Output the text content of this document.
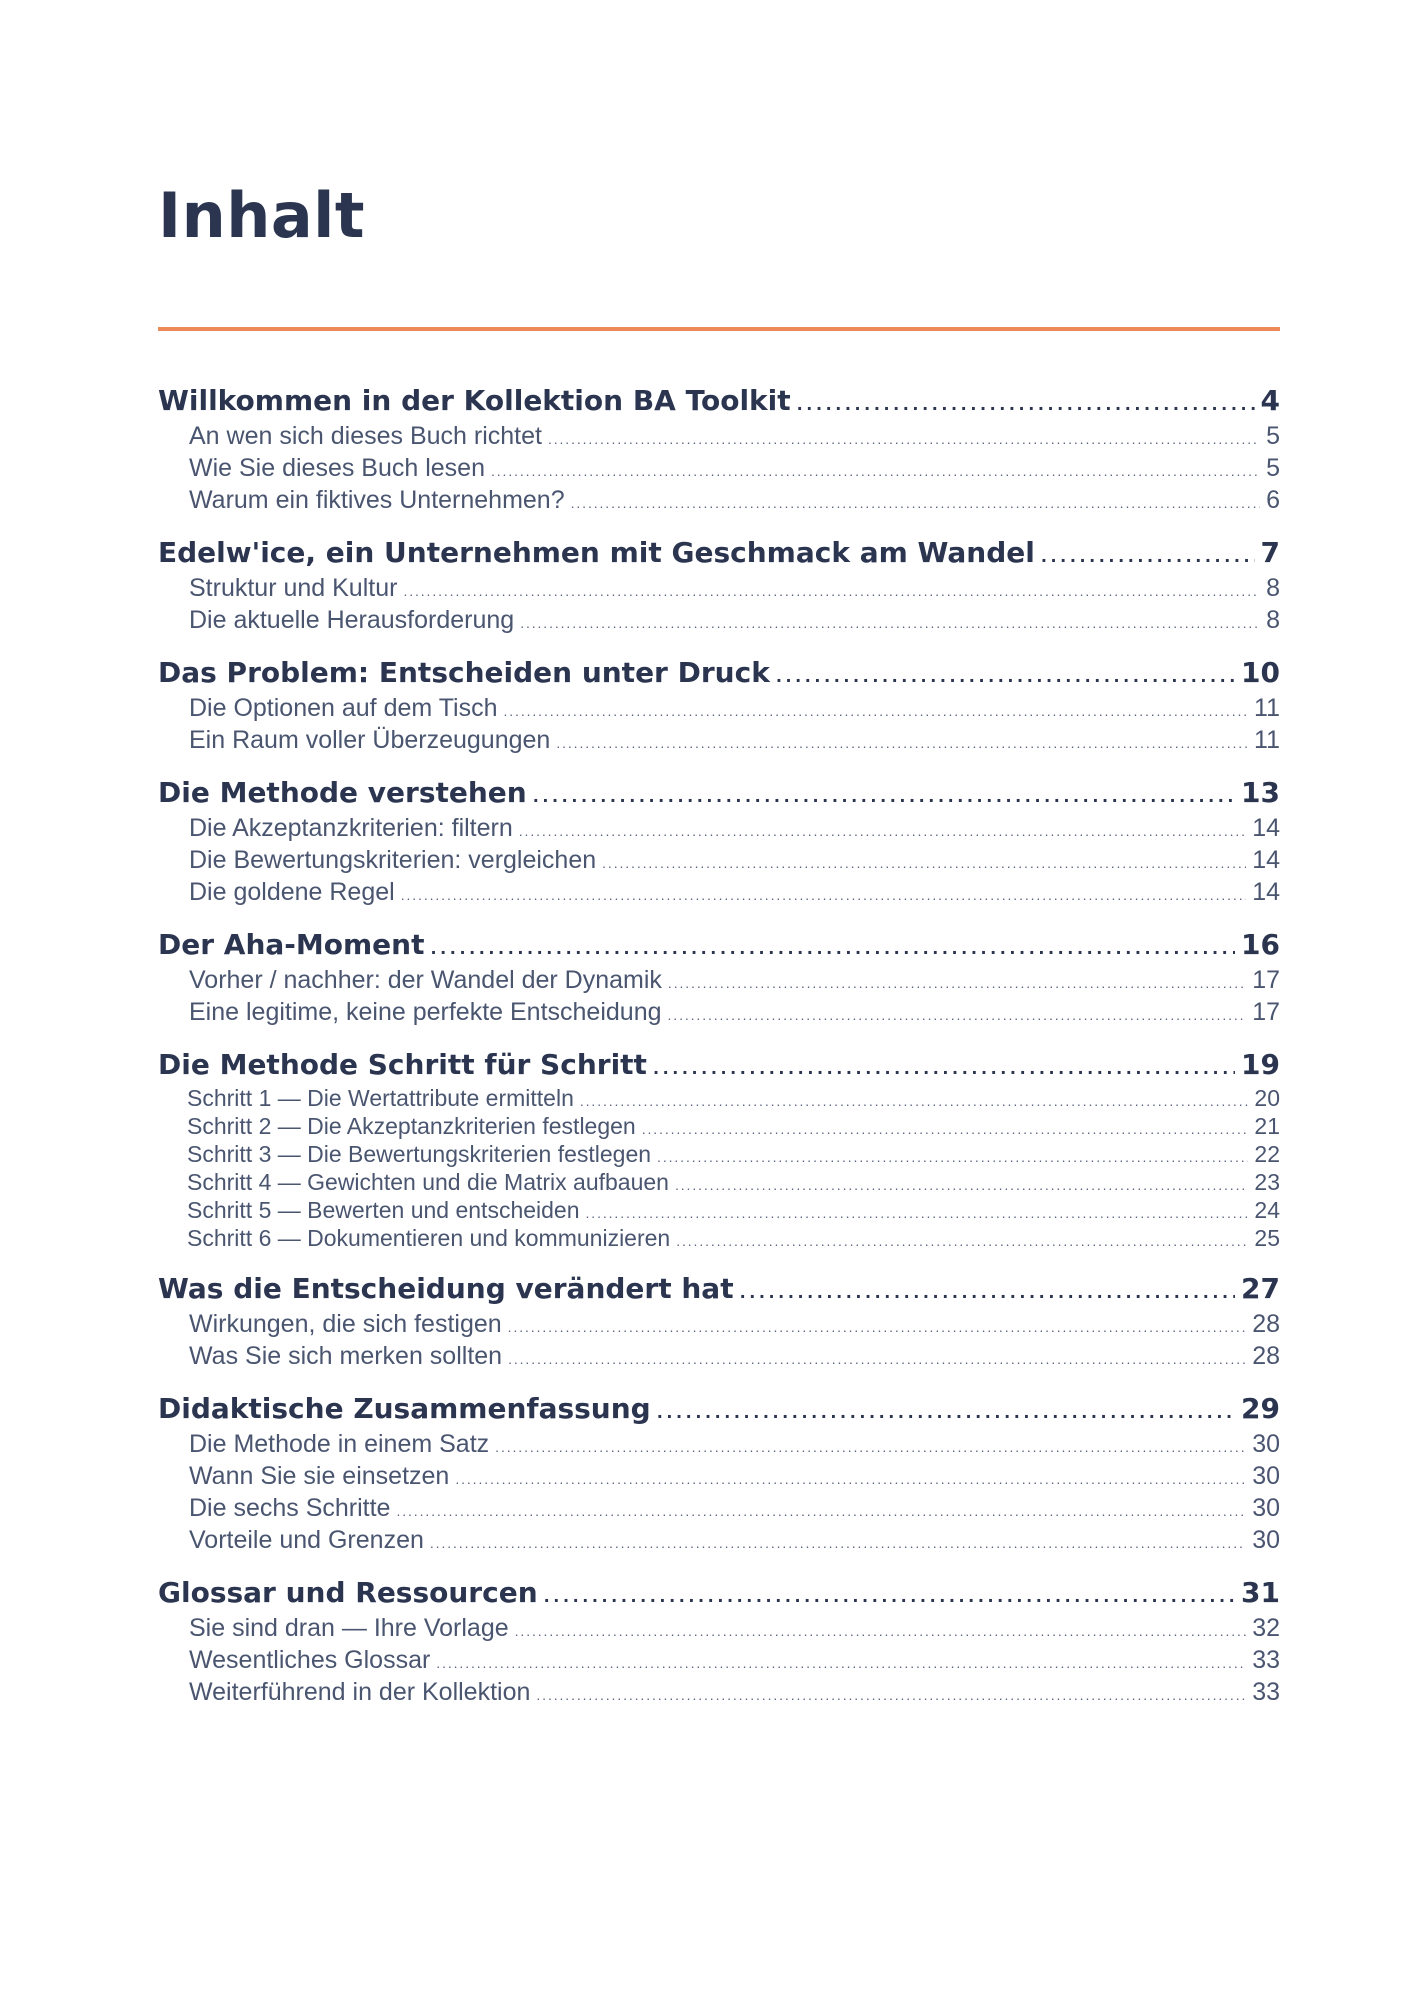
Inhalt
Willkommen in der Kollektion BA Toolkit . . .	4
An wen sich dieses Buch richtet . . .	5
Wie Sie dieses Buch lesen . . .	5
Warum ein fiktives Unternehmen? . . .	6
Edelw'ice, ein Unternehmen mit Geschmack am Wandel . . .	7
Struktur und Kultur . . .	8
Die aktuelle Herausforderung . . .	8
Das Problem: Entscheiden unter Druck . . .	10
Die Optionen auf dem Tisch . . .	11
Ein Raum voller Überzeugungen . . .	11
Die Methode verstehen . . .	13
Die Akzeptanzkriterien: filtern . . .	14
Die Bewertungskriterien: vergleichen . . .	14
Die goldene Regel . . .	14
Der Aha-Moment . . .	16
Vorher / nachher: der Wandel der Dynamik . . .	17
Eine legitime, keine perfekte Entscheidung . . .	17
Die Methode Schritt für Schritt . . .	19
Schritt 1 — Die Wertattribute ermitteln . . .	20
Schritt 2 — Die Akzeptanzkriterien festlegen . . .	21
Schritt 3 — Die Bewertungskriterien festlegen . . .	22
Schritt 4 — Gewichten und die Matrix aufbauen . . .	23
Schritt 5 — Bewerten und entscheiden . . .	24
Schritt 6 — Dokumentieren und kommunizieren . . .	25
Was die Entscheidung verändert hat . . .	27
Wirkungen, die sich festigen . . .	28
Was Sie sich merken sollten . . .	28
Didaktische Zusammenfassung . . .	29
Die Methode in einem Satz . . .	30
Wann Sie sie einsetzen . . .	30
Die sechs Schritte . . .	30
Vorteile und Grenzen . . .	30
Glossar und Ressourcen . . .	31
Sie sind dran — Ihre Vorlage . . .	32
Wesentliches Glossar . . .	33
Weiterführend in der Kollektion . . .	33
